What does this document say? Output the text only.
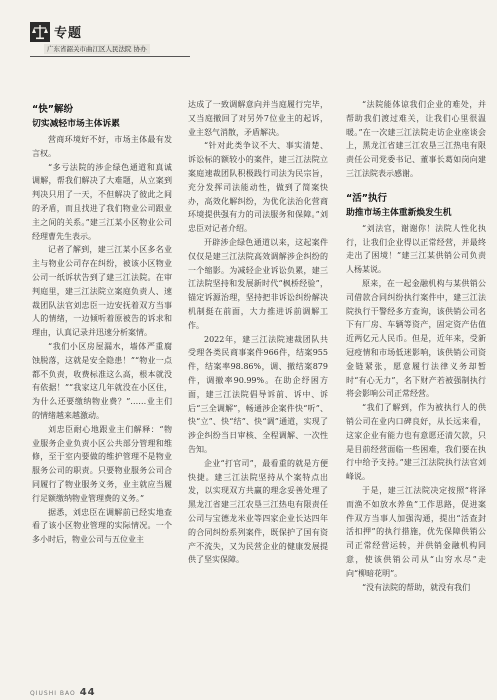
专题
广东省韶关市曲江区人民法院 协办
“快”解纷
切实减轻市场主体诉累

营商环境好不好，市场主体最有发言权。

“多亏法院的涉企绿色通道和真诚调解，帮我们解决了大难题，从立案到判决只用了一天，不但解决了彼此之间的矛盾，而且找进了我们物业公司跟业主之间的关系。”建三江某小区物业公司经理曹先生表示。

记者了解到，建三江某小区多名业主与物业公司存在纠纷，被该小区物业公司一纸诉状告到了建三江法院。在审判庭里，建三江法院立案庭负责人、速裁团队法官刘忠臣一边安抚着双方当事人的情绪，一边倾听着原被告的诉求和理由，认真记录并迅速分析案情。

“我们小区房屋漏水，墙体严重腐蚀脱落，这就是安全隐患！”“物业一点都不负责，收费标准这么高，根本就没有依据！”“我家这几年就没在小区住，为什么还要缴纳物业费？”……业主们的情绪越来越激动。

刘忠臣耐心地跟业主们解释：“物业服务企业负责小区公共部分管理和维修，至于室内要做的维护管理不是物业服务公司的职责。只要物业服务公司合同履行了物业服务义务，业主就应当履行足额缴纳物业管理费的义务。”

据悉，刘忠臣在调解前已经实地查看了该小区物业管理的实际情况。一个多小时后，物业公司与五位业主

达成了一致调解意向并当庭履行完毕，又当庭撤回了对另外7位业主的起诉，业主怒气消散，矛盾解决。

“针对此类争议不大、事实清楚、诉讼标的额较小的案件，建三江法院立案庭速裁团队积极践行司法为民宗旨，充分发挥司法能动性，做到了简案快办，高效化解纠纷，为优化法治化营商环境提供强有力的司法服务和保障。”刘忠臣对记者介绍。

开辟涉企绿色通道以来，这起案件仅仅是建三江法院高效调解涉企纠纷的一个缩影。为减轻企业诉讼负累，建三江法院坚持和发展新时代“枫桥经验”，锚定诉源治理，坚持把非诉讼纠纷解决机制挺在前面，大力推进诉前调解工作。

2022年，建三江法院速裁团队共受理各类民商事案件966件，结案955件，结案率98.86%，调、撤结案879件，调撤率90.99%。在助企纾困方面，建三江法院倡导诉前、诉中、诉后“三全调解”，畅通涉企案件快“听”、快“立”、快“结”、快“调”通道，实现了涉企纠纷当日审核、全程调解、一次性告知。

企业“打官司”，最看重的就是方便快捷。建三江法院坚持从个案特点出发，以实现双方共赢的理念妥善处理了黑龙江省建三江农垦三江热电有限责任公司与宝德龙米业等四家企业长达四年的合同纠纷系列案件，既保护了国有资产不流失，又为民营企业的健康发展提供了坚实保障。

“法院能体谅我们企业的难处，并帮助我们渡过难关，让我们心里很温暖。”在一次建三江法院走访企业座谈会上，黑龙江省建三江农垦三江热电有限责任公司党委书记、董事长葛如岗向建三江法院表示感谢。

“活”执行
助推市场主体重新焕发生机

“刘法官，谢谢你！法院人性化执行，让我们企业得以正常经营，并最终走出了困境！”建三江某供销公司负责人杨某说。

原来，在一起金融机构与某供销公司借款合同纠纷执行案件中，建三江法院执行干警经多方查询，该供销公司名下有厂房、车辆等资产，固定资产估值近两亿元人民币。但是，近年来，受新冠疫情和市场低迷影响，该供销公司资金链紧张，愿意履行法律义务却暂时“有心无力”，名下财产若被强制执行将会影响公司正常经营。

“我们了解到，作为被执行人的供销公司在业内口碑良好，从长远来看，这家企业有能力也有意愿还清欠款，只是目前经营面临一些困难，我们要在执行中给予支持。”建三江法院执行法官刘峰说。

于是，建三江法院决定按照“将泽而渔不如放水养鱼”工作思路，促进案件双方当事人加强沟通，提出“活查封活扣押”的执行措施，优先保障供销公司正常经营运转，并供销金融机构同意，使该供销公司从“山穷水尽”走向“柳暗花明”。

“没有法院的帮助，就没有我们

QIUSHI BAO 44
